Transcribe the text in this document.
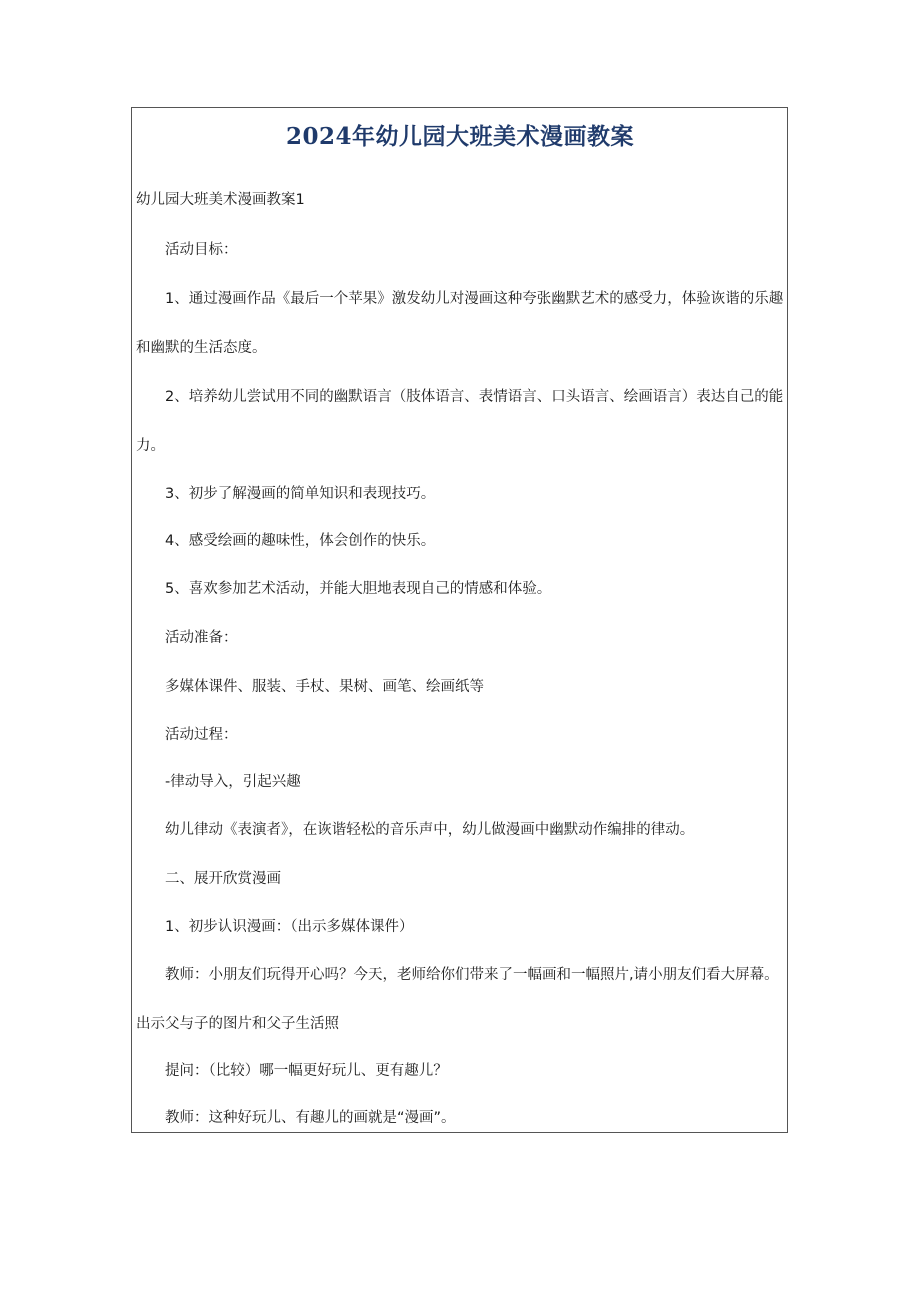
2024年幼儿园大班美术漫画教案
幼儿园大班美术漫画教案1
活动目标：
1、通过漫画作品《最后一个苹果》激发幼儿对漫画这种夸张幽默艺术的感受力，体验诙谐的乐趣
和幽默的生活态度。
2、培养幼儿尝试用不同的幽默语言（肢体语言、表情语言、口头语言、绘画语言）表达自己的能
力。
3、初步了解漫画的简单知识和表现技巧。
4、感受绘画的趣味性，体会创作的快乐。
5、喜欢参加艺术活动，并能大胆地表现自己的情感和体验。
活动准备：
多媒体课件、服装、手杖、果树、画笔、绘画纸等
活动过程：
-律动导入，引起兴趣
幼儿律动《表演者》，在诙谐轻松的音乐声中，幼儿做漫画中幽默动作编排的律动。
二、展开欣赏漫画
1、初步认识漫画：（出示多媒体课件）
教师：小朋友们玩得开心吗？今天，老师给你们带来了一幅画和一幅照片,请小朋友们看大屏幕。
出示父与子的图片和父子生活照
提问：（比较）哪一幅更好玩儿、更有趣儿？
教师：这种好玩儿、有趣儿的画就是“漫画”。
